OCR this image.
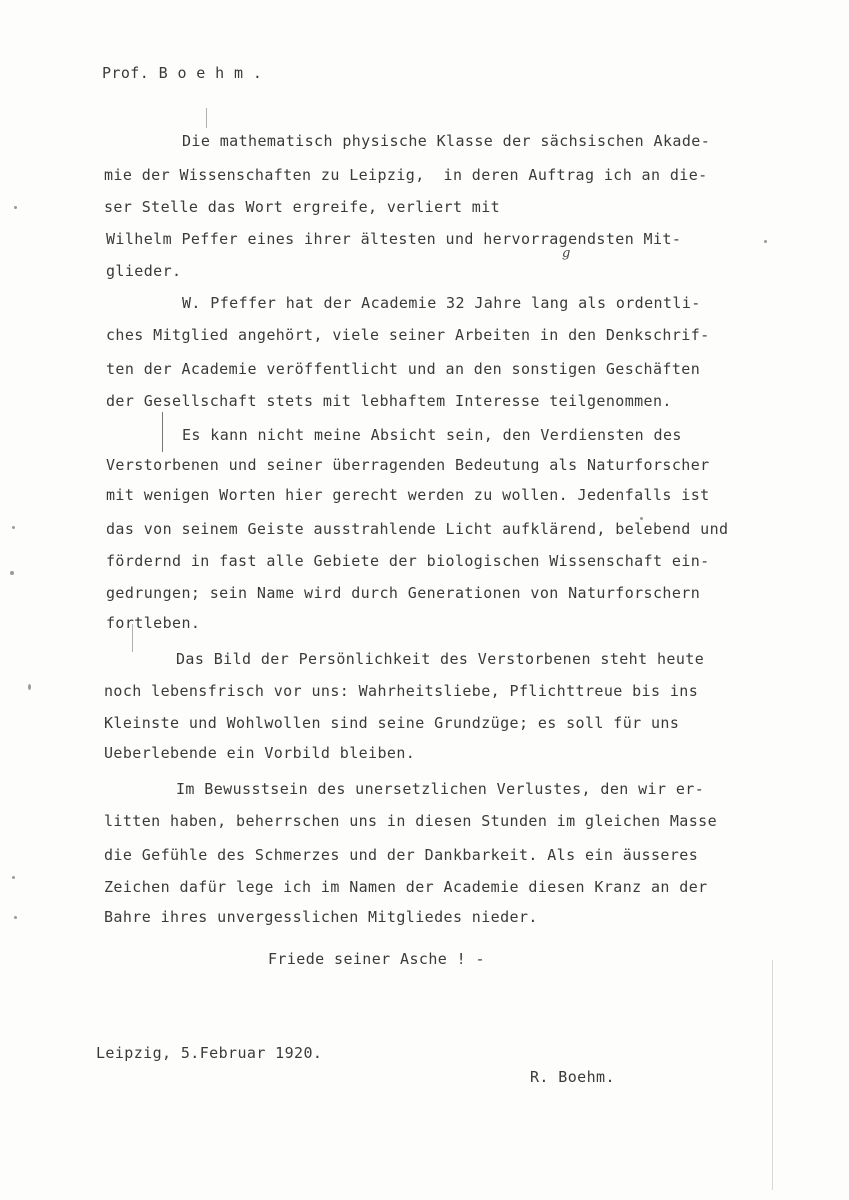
Prof. B o e h m .
Die mathematisch physische Klasse der sächsischen Akade-
mie der Wissenschaften zu Leipzig,  in deren Auftrag ich an die-
ser Stelle das Wort ergreife, verliert mit
Wilhelm Peffer eines ihrer ältesten und hervorragendsten Mit-
g
glieder.
W. Pfeffer hat der Academie 32 Jahre lang als ordentli-
ches Mitglied angehört, viele seiner Arbeiten in den Denkschrif-
ten der Academie veröffentlicht und an den sonstigen Geschäften
der Gesellschaft stets mit lebhaftem Interesse teilgenommen.
Es kann nicht meine Absicht sein, den Verdiensten des
Verstorbenen und seiner überragenden Bedeutung als Naturforscher
mit wenigen Worten hier gerecht werden zu wollen. Jedenfalls ist
das von seinem Geiste ausstrahlende Licht aufklärend, belebend und
fördernd in fast alle Gebiete der biologischen Wissenschaft ein-
gedrungen; sein Name wird durch Generationen von Naturforschern
fortleben.
Das Bild der Persönlichkeit des Verstorbenen steht heute
noch lebensfrisch vor uns: Wahrheitsliebe, Pflichttreue bis ins
Kleinste und Wohlwollen sind seine Grundzüge; es soll für uns
Ueberlebende ein Vorbild bleiben.
Im Bewusstsein des unersetzlichen Verlustes, den wir er-
litten haben, beherrschen uns in diesen Stunden im gleichen Masse
die Gefühle des Schmerzes und der Dankbarkeit. Als ein äusseres
Zeichen dafür lege ich im Namen der Academie diesen Kranz an der
Bahre ihres unvergesslichen Mitgliedes nieder.
Friede seiner Asche ! -
Leipzig, 5.Februar 1920.
R. Boehm.
